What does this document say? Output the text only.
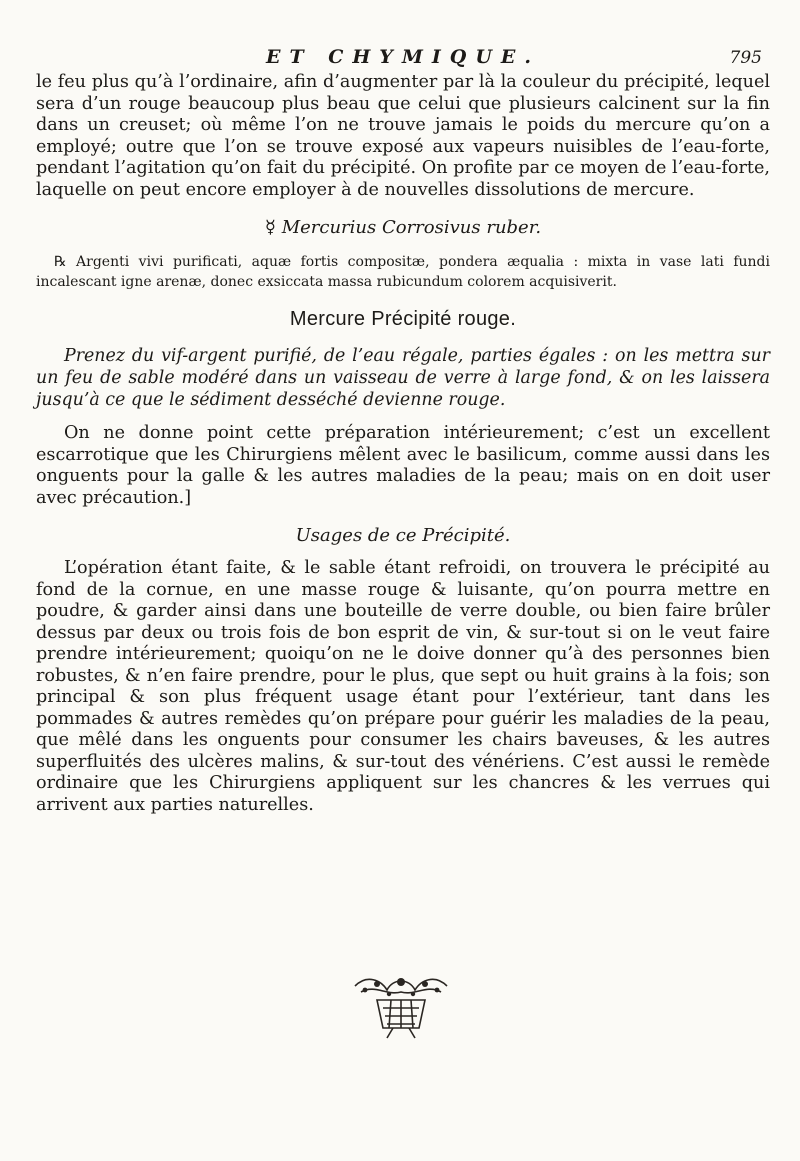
ET CHYMIQUE.	795

le feu plus qu’à l’ordinaire, afin d’augmenter par là la couleur du précipité, lequel sera d’un rouge beaucoup plus beau que celui que plusieurs calcinent sur la fin dans un creuset; où même l’on ne trouve jamais le poids du mercure qu’on a employé; outre que l’on se trouve exposé aux vapeurs nuisibles de l’eau-forte, pendant l’agitation qu’on fait du précipité. On profite par ce moyen de l’eau-forte, laquelle on peut encore employer à de nouvelles dissolutions de mercure.

☿ Mercurius Corrosivus ruber.

℞ Argenti vivi purificati, aquæ fortis compositæ, pondera æqualia : mixta in vase lati fundi incalescant igne arenæ, donec exsiccata massa rubicundum colorem acquisiverit.

Mercure Précipité rouge.

Prenez du vif-argent purifié, de l’eau régale, parties égales : on les mettra sur un feu de sable modéré dans un vaisseau de verre à large fond, & on les laissera jusqu’à ce que le sédiment desséché devienne rouge.

On ne donne point cette préparation intérieurement; c’est un excellent escarrotique que les Chirurgiens mêlent avec le basilicum, comme aussi dans les onguents pour la galle & les autres maladies de la peau; mais on en doit user avec précaution.]

Usages de ce Précipité.

L’opération étant faite, & le sable étant refroidi, on trouvera le précipité au fond de la cornue, en une masse rouge & luisante, qu’on pourra mettre en poudre, & garder ainsi dans une bouteille de verre double, ou bien faire brûler dessus par deux ou trois fois de bon esprit de vin, & sur-tout si on le veut faire prendre intérieurement; quoiqu’on ne le doive donner qu’à des personnes bien robustes, & n’en faire prendre, pour le plus, que sept ou huit grains à la fois; son principal & son plus fréquent usage étant pour l’extérieur, tant dans les pommades & autres remèdes qu’on prépare pour guérir les maladies de la peau, que mêlé dans les onguents pour consumer les chairs baveuses, & les autres superfluités des ulcères malins, & sur-tout des vénériens. C’est aussi le remède ordinaire que les Chirurgiens appliquent sur les chancres & les verrues qui arrivent aux parties naturelles.
